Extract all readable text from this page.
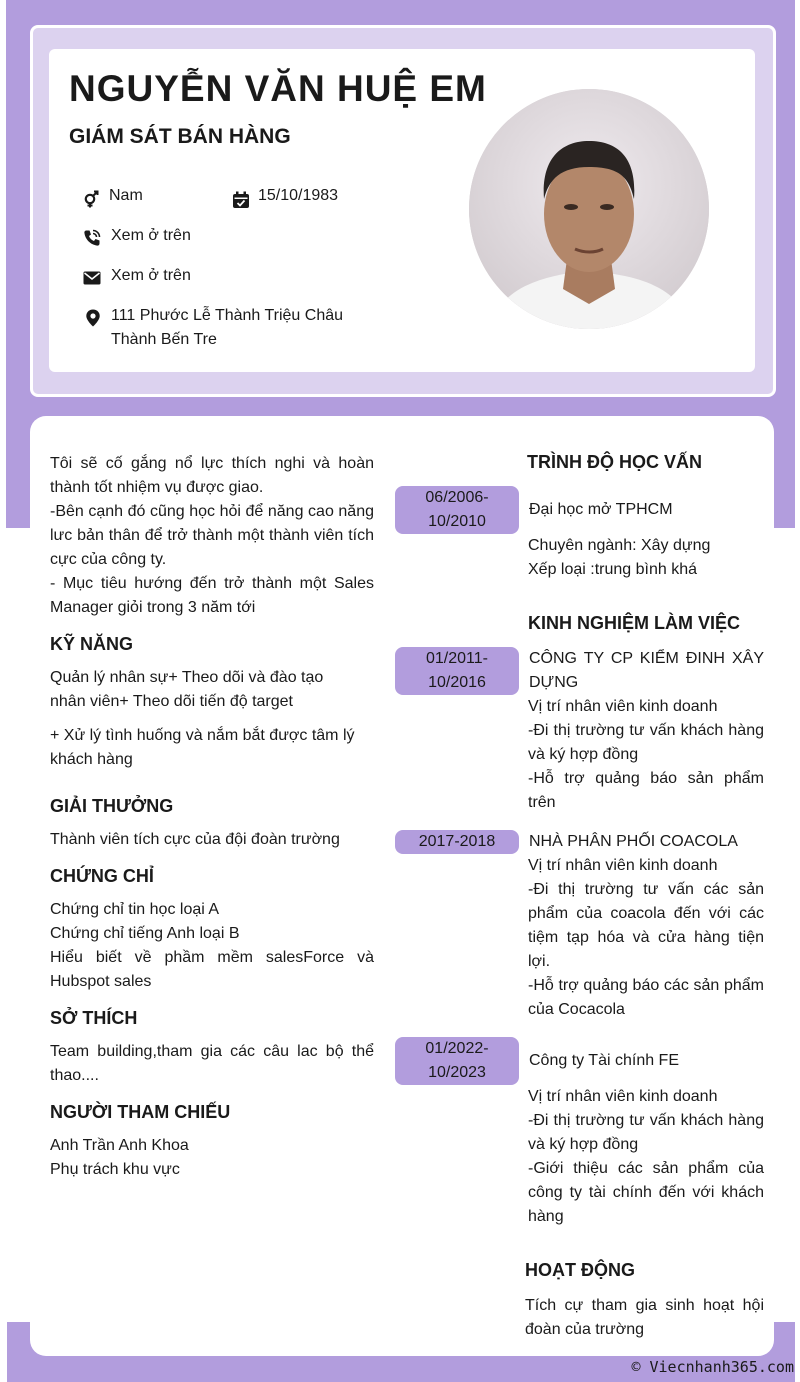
NGUYỄN VĂN HUỆ EM
GIÁM SÁT BÁN HÀNG
Nam	15/10/1983
Xem ở trên
Xem ở trên
111 Phước Lễ Thành Triệu Châu
Thành Bến Tre

Tôi sẽ cố gắng nổ lực thích nghi và hoàn thành tốt nhiệm vụ được giao.

-Bên cạnh đó cũng học hỏi để năng cao năng lưc bản thân để trở thành một thành viên tích cực của công ty.

- Mục tiêu hướng đến trở thành một Sales Manager giỏi trong 3 năm tới

KỸ NĂNG

Quản lý nhân sự+ Theo dõi và đào tạo nhân viên+ Theo dõi tiến độ target

+ Xử lý tình huống và nắm bắt được tâm lý khách hàng

GIẢI THƯỞNG

Thành viên tích cực của đội đoàn trường

CHỨNG CHỈ

Chứng chỉ tin học loại A

Chứng chỉ tiếng Anh loại B

Hiểu biết về phầm mềm salesForce và Hubspot sales

SỞ THÍCH

Team building,tham gia các câu lac bộ thể thao....

NGƯỜI THAM CHIẾU

Anh Trần Anh Khoa

Phụ trách khu vực

TRÌNH ĐỘ HỌC VẤN
06/2006-
10/2010

Đại học mở TPHCM

Chuyên ngành: Xây dựng

Xếp loại :trung bình khá

KINH NGHIỆM LÀM VIỆC
01/2011-
10/2016

CÔNG TY CP KIỂM ĐINH XÂY DỰNG

Vị trí nhân viên kinh doanh

-Đi thị trường tư vấn khách hàng và ký hợp đồng

-Hỗ trợ quảng báo sản phẩm trên

2017-2018	NHÀ PHÂN PHỐI COACOLA

Vị trí nhân viên kinh doanh

-Đi thị trường tư vấn các sản phẩm của coacola đến với các tiệm tạp hóa và cửa hàng tiện lợi.

-Hỗ trợ quảng báo các sản phẩm của Cocacola

01/2022-
10/2023

Công ty Tài chính FE

Vị trí nhân viên kinh doanh

-Đi thị trường tư vấn khách hàng và ký hợp đồng

-Giới thiệu các sản phẩm của công ty tài chính đến với khách hàng

HOẠT ĐỘNG

Tích cự tham gia sinh hoạt hội đoàn của trường

© Viecnhanh365.com
